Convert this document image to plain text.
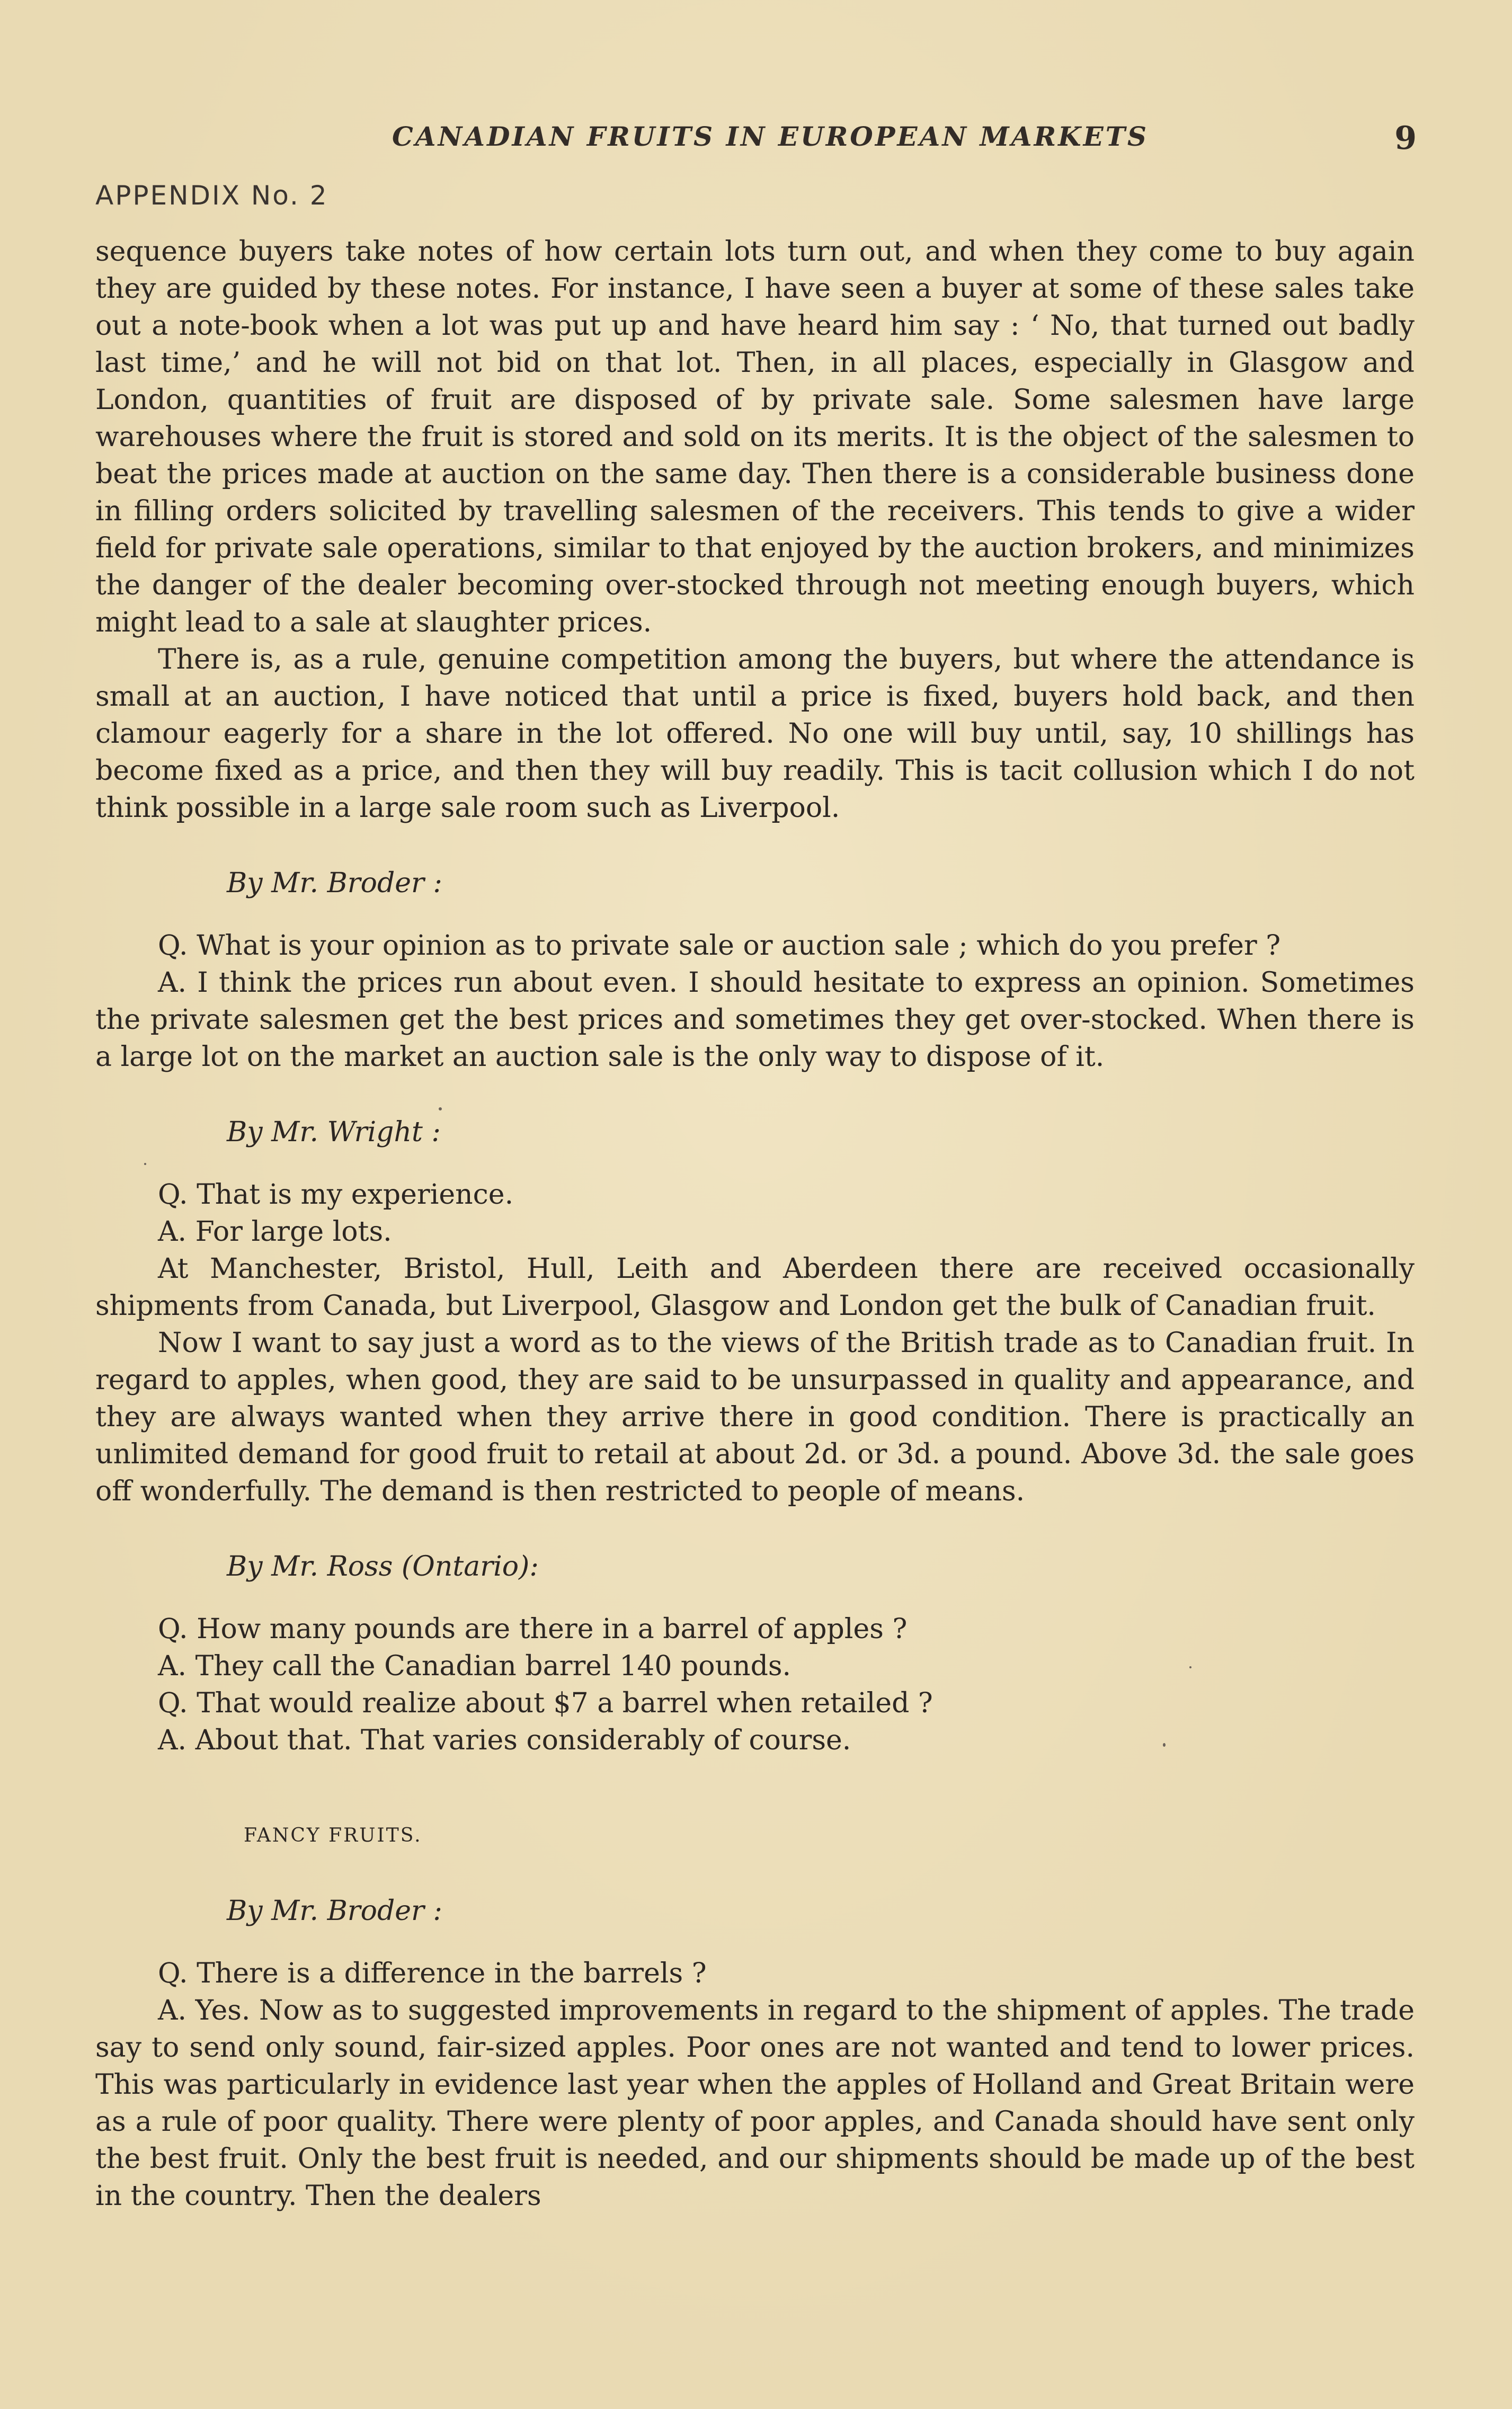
CANADIAN FRUITS IN EUROPEAN MARKETS	9
APPENDIX No. 2

sequence buyers take notes of how certain lots turn out, and when they come to buy again they are guided by these notes. For instance, I have seen a buyer at some of these sales take out a note-book when a lot was put up and have heard him say : ‘ No, that turned out badly last time,’ and he will not bid on that lot. Then, in all places, especially in Glasgow and London, quantities of fruit are disposed of by private sale. Some salesmen have large warehouses where the fruit is stored and sold on its merits. It is the object of the salesmen to beat the prices made at auction on the same day. Then there is a considerable business done in filling orders solicited by travelling salesmen of the receivers. This tends to give a wider field for private sale operations, similar to that enjoyed by the auction brokers, and minimizes the danger of the dealer becoming over-stocked through not meeting enough buyers, which might lead to a sale at slaughter prices.

There is, as a rule, genuine competition among the buyers, but where the attendance is small at an auction, I have noticed that until a price is fixed, buyers hold back, and then clamour eagerly for a share in the lot offered. No one will buy until, say, 10 shillings has become fixed as a price, and then they will buy readily. This is tacit collusion which I do not think possible in a large sale room such as Liverpool.

By Mr. Broder :

Q. What is your opinion as to private sale or auction sale ; which do you prefer ?

A. I think the prices run about even. I should hesitate to express an opinion. Sometimes the private salesmen get the best prices and sometimes they get over-stocked. When there is a large lot on the market an auction sale is the only way to dispose of it.

By Mr. Wright :

Q. That is my experience.

A. For large lots.

At Manchester, Bristol, Hull, Leith and Aberdeen there are received occasionally shipments from Canada, but Liverpool, Glasgow and London get the bulk of Canadian fruit.

Now I want to say just a word as to the views of the British trade as to Canadian fruit. In regard to apples, when good, they are said to be unsurpassed in quality and appearance, and they are always wanted when they arrive there in good condition. There is practically an unlimited demand for good fruit to retail at about 2d. or 3d. a pound. Above 3d. the sale goes off wonderfully. The demand is then restricted to people of means.

By Mr. Ross (Ontario):

Q. How many pounds are there in a barrel of apples ?

A. They call the Canadian barrel 140 pounds.

Q. That would realize about $7 a barrel when retailed ?

A. About that. That varies considerably of course.

FANCY FRUITS.

By Mr. Broder :

Q. There is a difference in the barrels ?

A. Yes. Now as to suggested improvements in regard to the shipment of apples. The trade say to send only sound, fair-sized apples. Poor ones are not wanted and tend to lower prices. This was particularly in evidence last year when the apples of Holland and Great Britain were as a rule of poor quality. There were plenty of poor apples, and Canada should have sent only the best fruit. Only the best fruit is needed, and our shipments should be made up of the best in the country. Then the dealers
